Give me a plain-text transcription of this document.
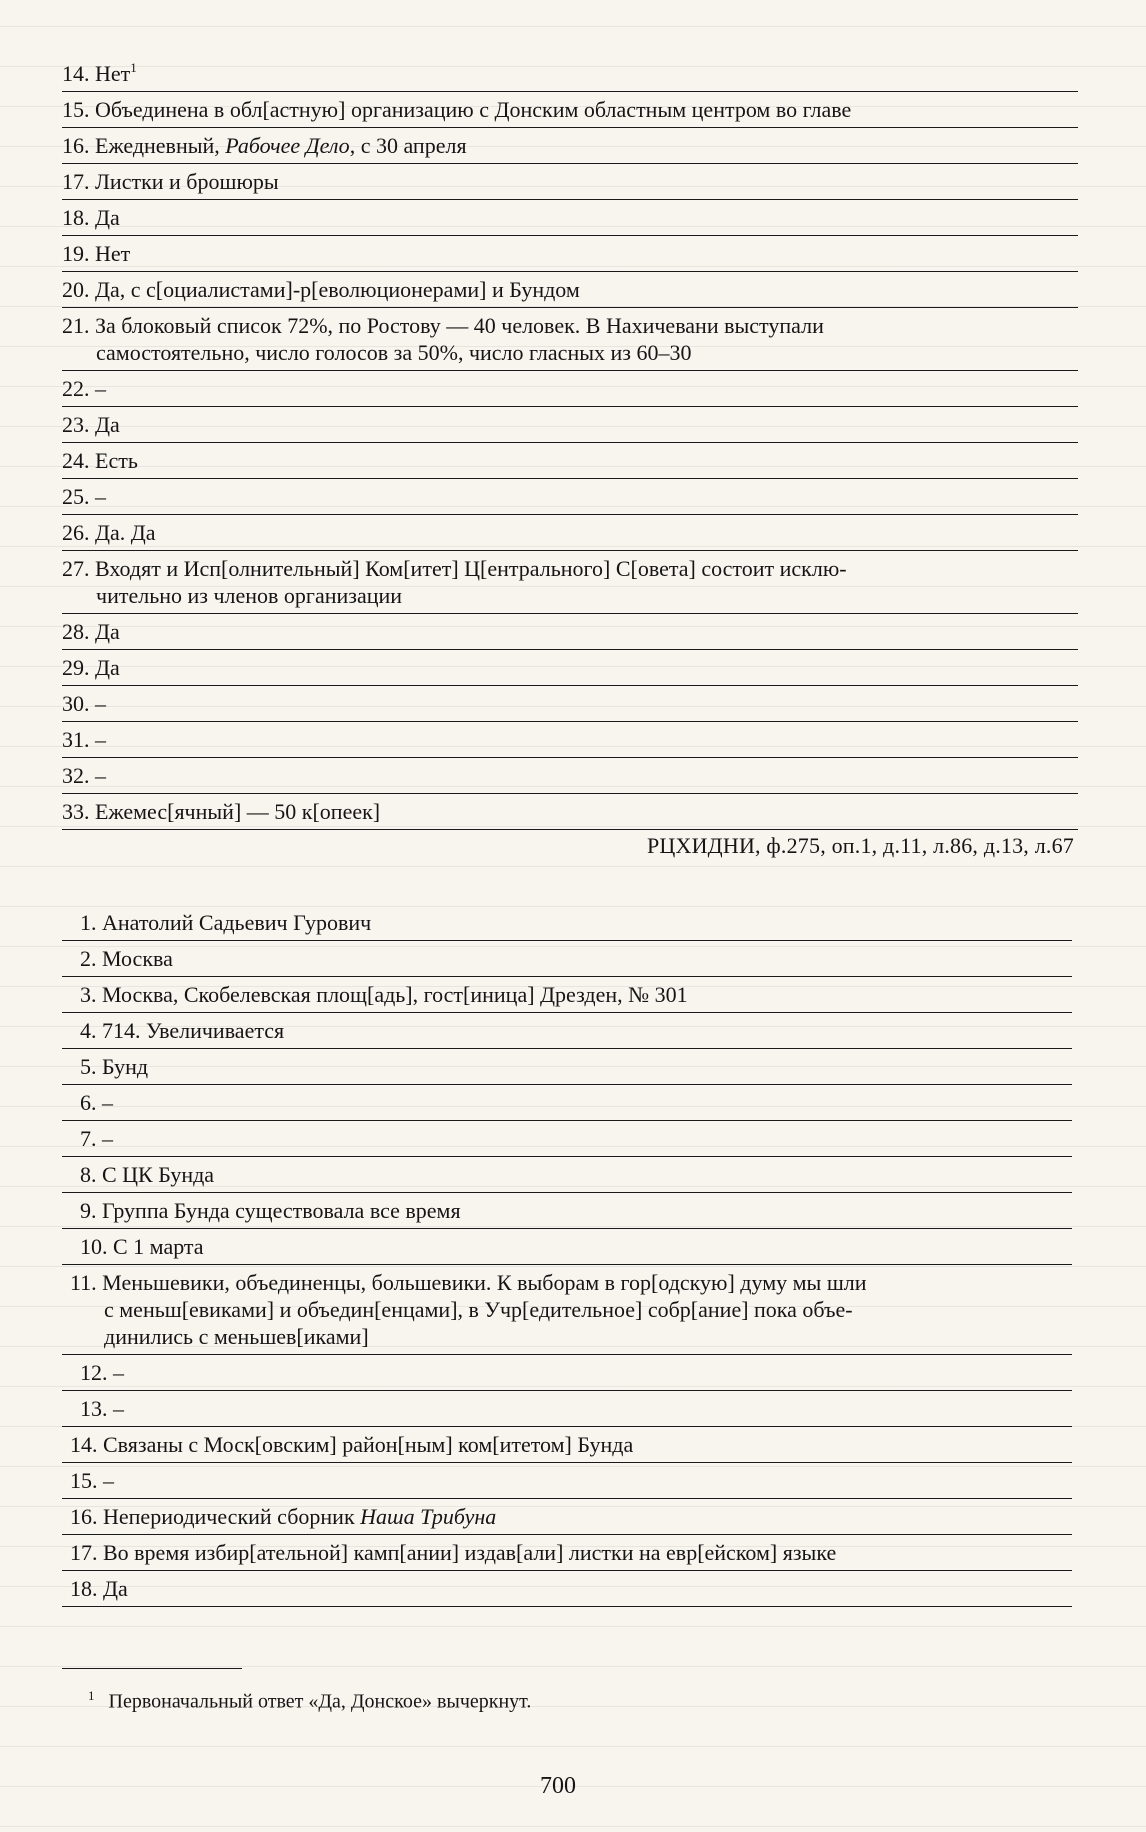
14. Нет$^1$
15. Объединена в обл[астную] организацию с Донским областным центром во главе
16. Ежедневный, Рабочее Дело, с 30 апреля
17. Листки и брошюры
18. Да
19. Нет
20. Да, с с[оциалистами]-р[еволюционерами] и Бундом
21. За блоковый список 72%, по Ростову — 40 человек. В Нахичевани выступали
самостоятельно, число голосов за 50%, число гласных из 60–30
22. –
23. Да
24. Есть
25. –
26. Да. Да
27. Входят и Исп[олнительный] Ком[итет] Ц[ентрального] С[овета] состоит исклю-
чительно из членов организации
28. Да
29. Да
30. –
31. –
32. –
33. Ежемес[ячный] — 50 к[опеек]
РЦХИДНИ, ф.275, оп.1, д.11, л.86, д.13, л.67
1. Анатолий Садьевич Гурович
2. Москва
3. Москва, Скобелевская площ[адь], гост[иница] Дрезден, № 301
4. 714. Увеличивается
5. Бунд
6. –
7. –
8. С ЦК Бунда
9. Группа Бунда существовала все время
10. С 1 марта
11. Меньшевики, объединенцы, большевики. К выборам в гор[одскую] думу мы шли
с меньш[евиками] и объедин[енцами], в Учр[едительное] собр[ание] пока объе-
динились с меньшев[иками]
12. –
13. –
14. Связаны с Моск[овским] район[ным] ком[итетом] Бунда
15. –
16. Непериодический сборник Наша Трибуна
17. Во время избир[ательной] камп[ании] издав[али] листки на евр[ейском] языке
18. Да
$^1$ Первоначальный ответ «Да, Донское» вычеркнут.
700
